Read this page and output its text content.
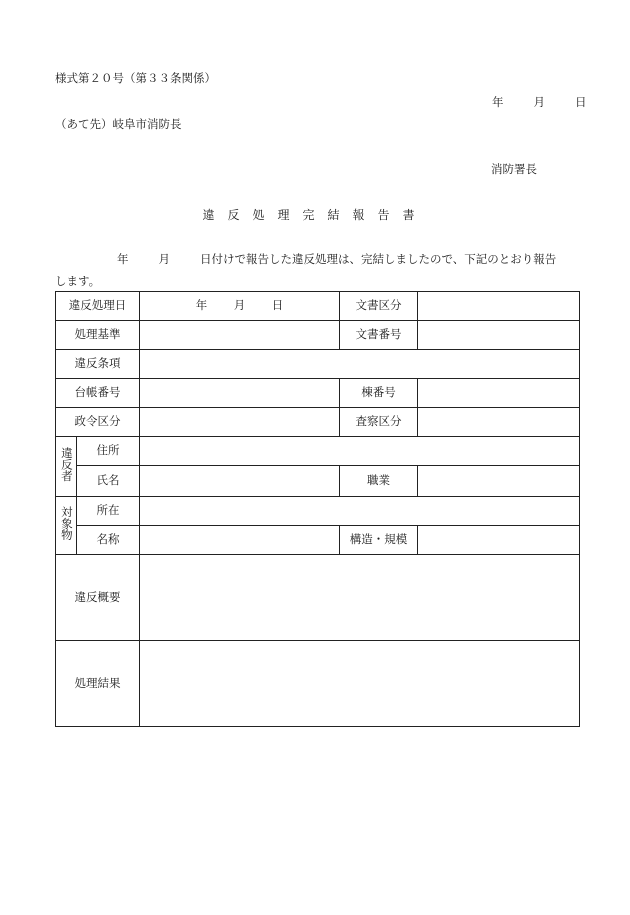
様式第２０号（第３３条関係）
年	月	日
（あて先）岐阜市消防長
消防署長
違反処理完結報告書
年	月	日付けで報告した違反処理は、完結しましたので、下記のとおり報告
します。
違反処理日		年 月 日	文書区分	
処理基準			文書番号	
違反条項				
台帳番号			棟番号	
政令区分			査察区分	
違反者	住所			
	氏名		職業	
対象物	所在			
	名称		構造・規模	
違反概要				
処理結果				
